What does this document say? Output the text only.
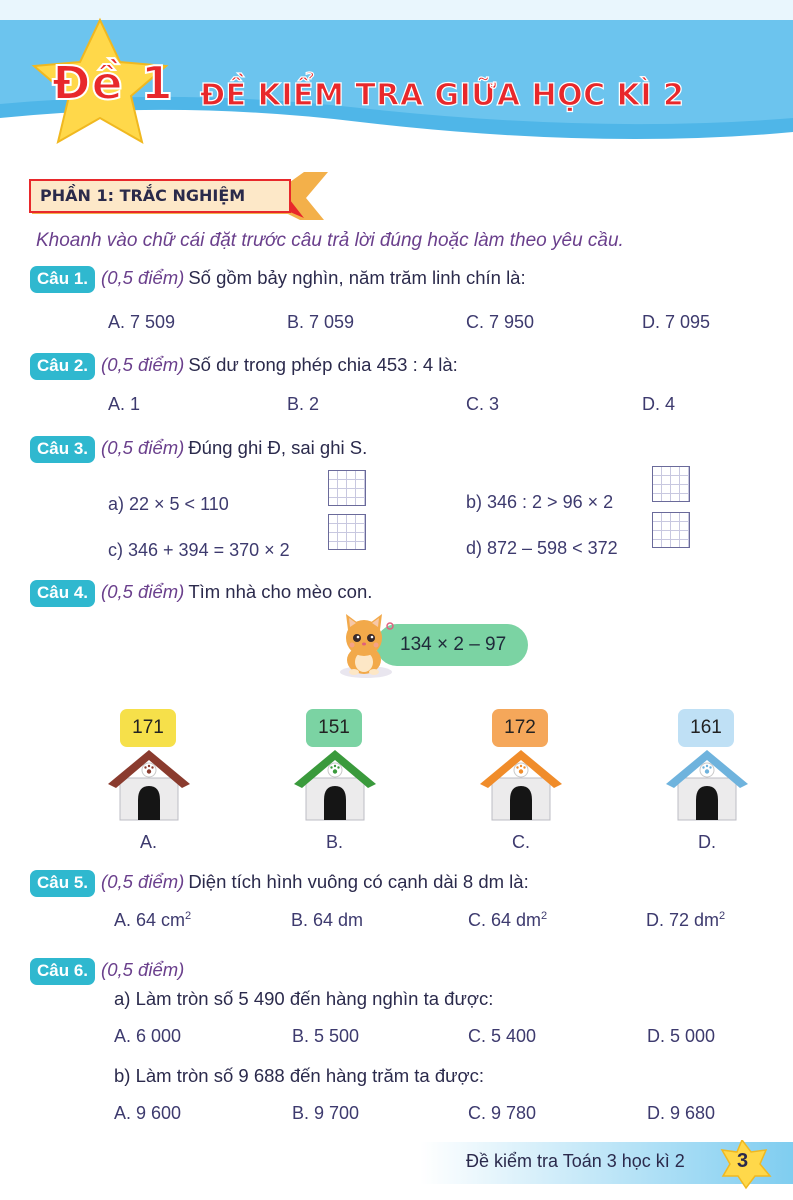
Đề 1 ĐỀ KIỂM TRA GIỮA HỌC KÌ 2
PHẦN 1: TRẮC NGHIỆM
Khoanh vào chữ cái đặt trước câu trả lời đúng hoặc làm theo yêu cầu.
Câu 1. (0,5 điểm) Số gồm bảy nghìn, năm trăm linh chín là:
A. 7 509	B. 7 059	C. 7 950	D. 7 095
Câu 2. (0,5 điểm) Số dư trong phép chia 453 : 4 là:
A. 1	B. 2	C. 3	D. 4
Câu 3. (0,5 điểm) Đúng ghi Đ, sai ghi S.
a) 22 × 5 < 110	b) 346 : 2 > 96 × 2
c) 346 + 394 = 370 × 2	d) 872 – 598 < 372
Câu 4. (0,5 điểm) Tìm nhà cho mèo con.
134 × 2 – 97
171
A.
151
B.
172
C.
161
D.
Câu 5. (0,5 điểm) Diện tích hình vuông có cạnh dài 8 dm là:
A. 64 $cm^2$	B. 64 dm	C. 64 $dm^2$	D. 72 $dm^2$
Câu 6. (0,5 điểm)
a) Làm tròn số 5 490 đến hàng nghìn ta được:
A. 6 000	B. 5 500	C. 5 400	D. 5 000
b) Làm tròn số 9 688 đến hàng trăm ta được:
A. 9 600	B. 9 700	C. 9 780	D. 9 680
Đề kiểm tra Toán 3 học kì 2	3
